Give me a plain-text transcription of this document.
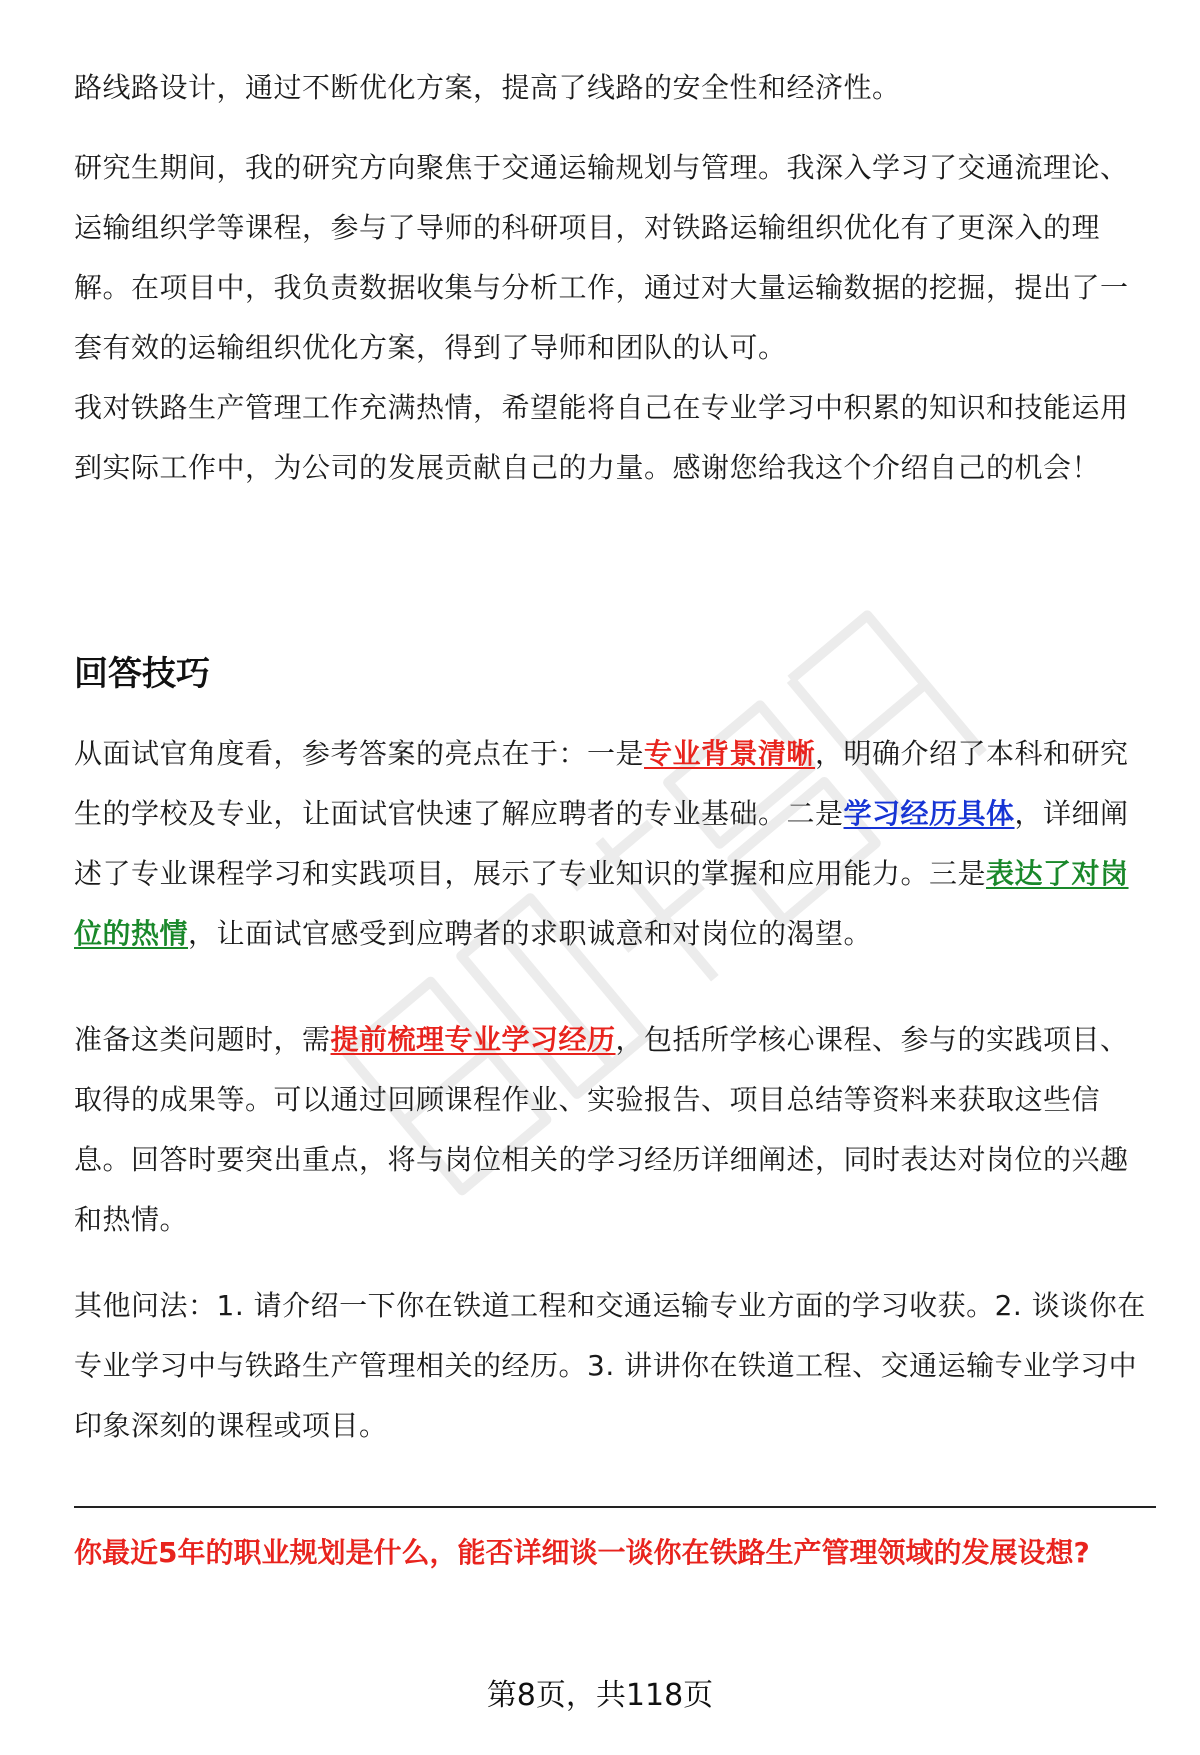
路线路设计，通过不断优化方案，提高了线路的安全性和经济性。

研究生期间，我的研究方向聚焦于交通运输规划与管理。我深入学习了交通流理论、运输组织学等课程，参与了导师的科研项目，对铁路运输组织优化有了更深入的理解。在项目中，我负责数据收集与分析工作，通过对大量运输数据的挖掘，提出了一套有效的运输组织优化方案，得到了导师和团队的认可。

我对铁路生产管理工作充满热情，希望能将自己在专业学习中积累的知识和技能运用到实际工作中，为公司的发展贡献自己的力量。感谢您给我这个介绍自己的机会！

回答技巧

从面试官角度看，参考答案的亮点在于：一是专业背景清晰，明确介绍了本科和研究生的学校及专业，让面试官快速了解应聘者的专业基础。二是学习经历具体，详细阐述了专业课程学习和实践项目，展示了专业知识的掌握和应用能力。三是表达了对岗位的热情，让面试官感受到应聘者的求职诚意和对岗位的渴望。

准备这类问题时，需提前梳理专业学习经历，包括所学核心课程、参与的实践项目、取得的成果等。可以通过回顾课程作业、实验报告、项目总结等资料来获取这些信息。回答时要突出重点，将与岗位相关的学习经历详细阐述，同时表达对岗位的兴趣和热情。

其他问法：1. 请介绍一下你在铁道工程和交通运输专业方面的学习收获。2. 谈谈你在专业学习中与铁路生产管理相关的经历。3. 讲讲你在铁道工程、交通运输专业学习中印象深刻的课程或项目。

你最近5年的职业规划是什么，能否详细谈一谈你在铁路生产管理领域的发展设想?

第8页，共118页
